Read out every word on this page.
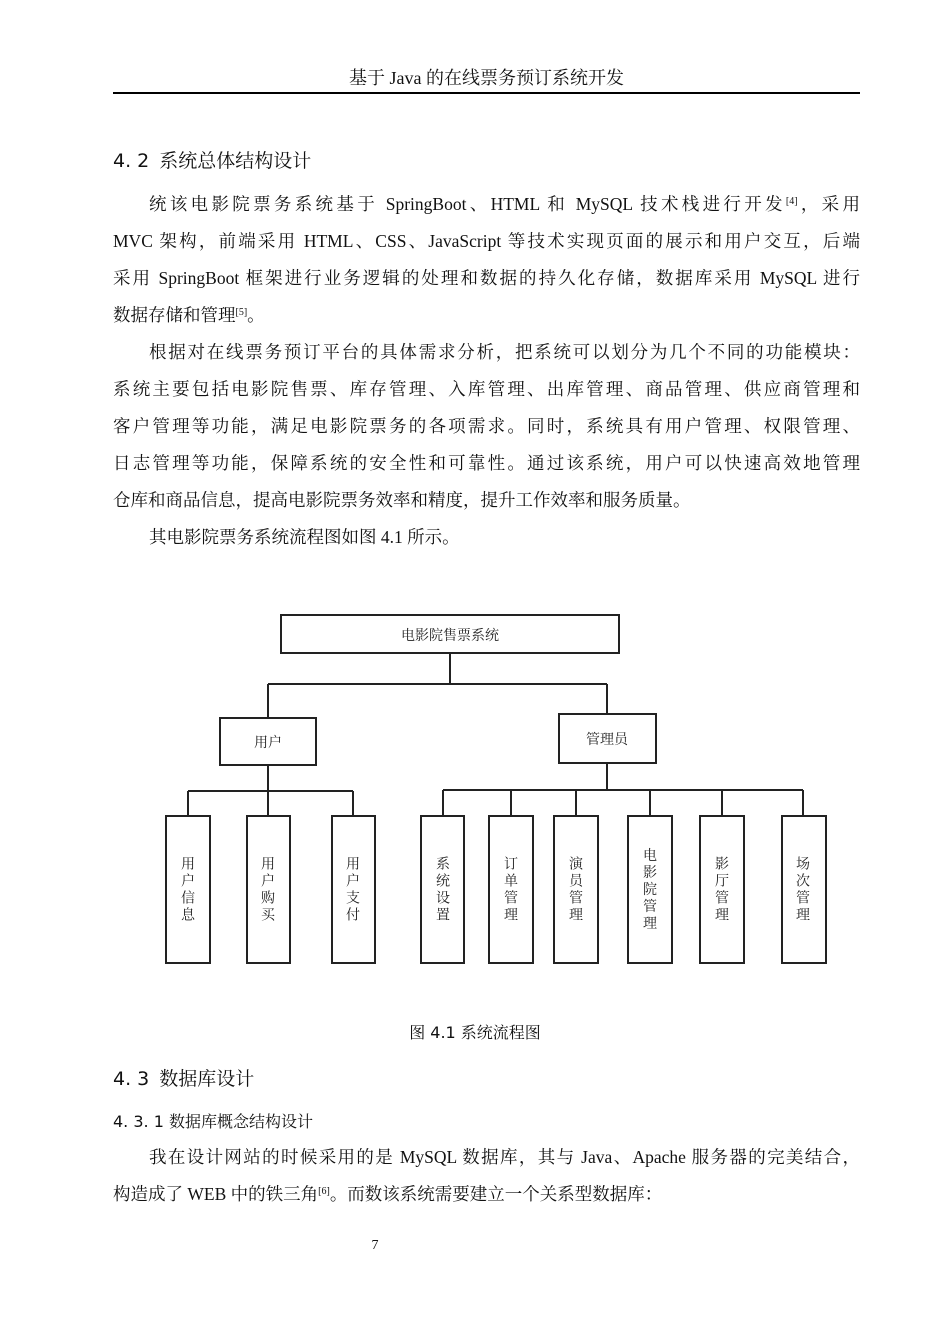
基于 Java 的在线票务预订系统开发
4. 2 系统总体结构设计
统该电影院票务系统基于 SpringBoot、HTML 和 MySQL 技术栈进行开发[4]，采用
MVC 架构，前端采用 HTML、CSS、JavaScript 等技术实现页面的展示和用户交互，后端
采用 SpringBoot 框架进行业务逻辑的处理和数据的持久化存储，数据库采用 MySQL 进行
数据存储和管理[5]。
根据对在线票务预订平台的具体需求分析，把系统可以划分为几个不同的功能模块：
系统主要包括电影院售票、库存管理、入库管理、出库管理、商品管理、供应商管理和
客户管理等功能，满足电影院票务的各项需求。同时，系统具有用户管理、权限管理、
日志管理等功能，保障系统的安全性和可靠性。通过该系统，用户可以快速高效地管理
仓库和商品信息，提高电影院票务效率和精度，提升工作效率和服务质量。
其电影院票务系统流程图如图 4.1 所示。
电影院售票系统
用户	管理员
用户信息
用户购买
用户支付
系统设置
订单管理
演员管理
电影院管理
影厅管理
场次管理
图 4.1 系统流程图
4. 3 数据库设计
4. 3. 1 数据库概念结构设计
我在设计网站的时候采用的是 MySQL 数据库，其与 Java、Apache 服务器的完美结合，
构造成了 WEB 中的铁三角[6]。而数该系统需要建立一个关系型数据库：
7
